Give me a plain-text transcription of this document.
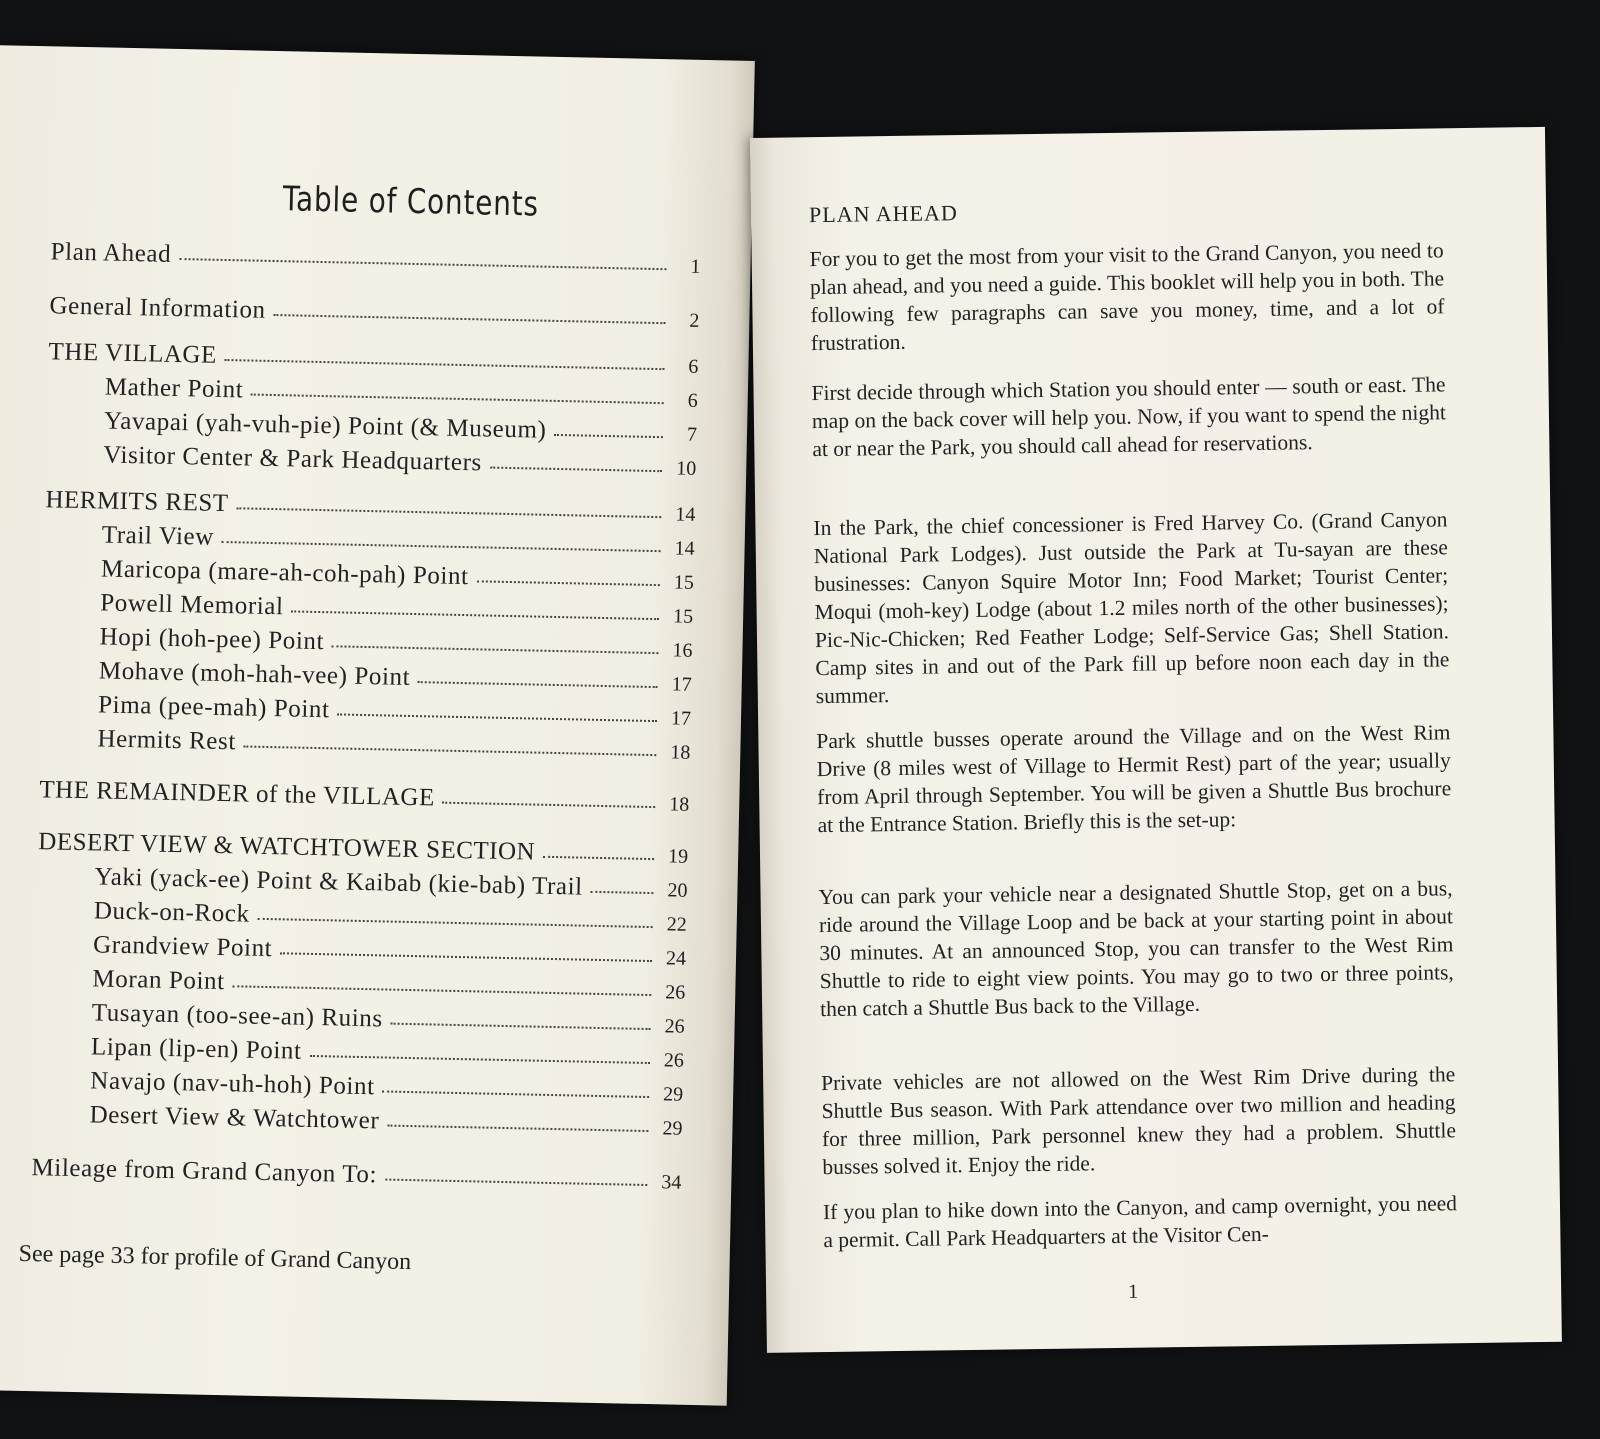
Table of Contents
Plan Ahead	1
General Information	2
THE VILLAGE	6
Mather Point	6
Yavapai (yah-vuh-pie) Point (& Museum)	7
Visitor Center & Park Headquarters	10
HERMITS REST	14
Trail View	14
Maricopa (mare-ah-coh-pah) Point	15
Powell Memorial	15
Hopi (hoh-pee) Point	16
Mohave (moh-hah-vee) Point	17
Pima (pee-mah) Point	17
Hermits Rest	18
THE REMAINDER of the VILLAGE	18
DESERT VIEW & WATCHTOWER SECTION	19
Yaki (yack-ee) Point & Kaibab (kie-bab) Trail	20
Duck-on-Rock	22
Grandview Point	24
Moran Point	26
Tusayan (too-see-an) Ruins	26
Lipan (lip-en) Point	26
Navajo (nav-uh-hoh) Point	29
Desert View & Watchtower	29
Mileage from Grand Canyon To:	34
See page 33 for profile of Grand Canyon
PLAN AHEAD

For you to get the most from your visit to the Grand Canyon, you need to plan ahead, and you need a guide. This booklet will help you in both. The following few paragraphs can save you money, time, and a lot of frustration.

First decide through which Station you should enter — south or east. The map on the back cover will help you. Now, if you want to spend the night at or near the Park, you should call ahead for reservations.

In the Park, the chief concessioner is Fred Harvey Co. (Grand Canyon National Park Lodges). Just outside the Park at Tu-sayan are these businesses: Canyon Squire Motor Inn; Food Market; Tourist Center; Moqui (moh-key) Lodge (about 1.2 miles north of the other businesses); Pic-Nic-Chicken; Red Feather Lodge; Self-Service Gas; Shell Station. Camp sites in and out of the Park fill up before noon each day in the summer.

Park shuttle busses operate around the Village and on the West Rim Drive (8 miles west of Village to Hermit Rest) part of the year; usually from April through September. You will be given a Shuttle Bus brochure at the Entrance Station. Briefly this is the set-up:

You can park your vehicle near a designated Shuttle Stop, get on a bus, ride around the Village Loop and be back at your starting point in about 30 minutes. At an announced Stop, you can transfer to the West Rim Shuttle to ride to eight view points. You may go to two or three points, then catch a Shuttle Bus back to the Village.

Private vehicles are not allowed on the West Rim Drive during the Shuttle Bus season. With Park attendance over two million and heading for three million, Park personnel knew they had a problem. Shuttle busses solved it. Enjoy the ride.

If you plan to hike down into the Canyon, and camp overnight, you need a permit. Call Park Headquarters at the Visitor Cen-

1
